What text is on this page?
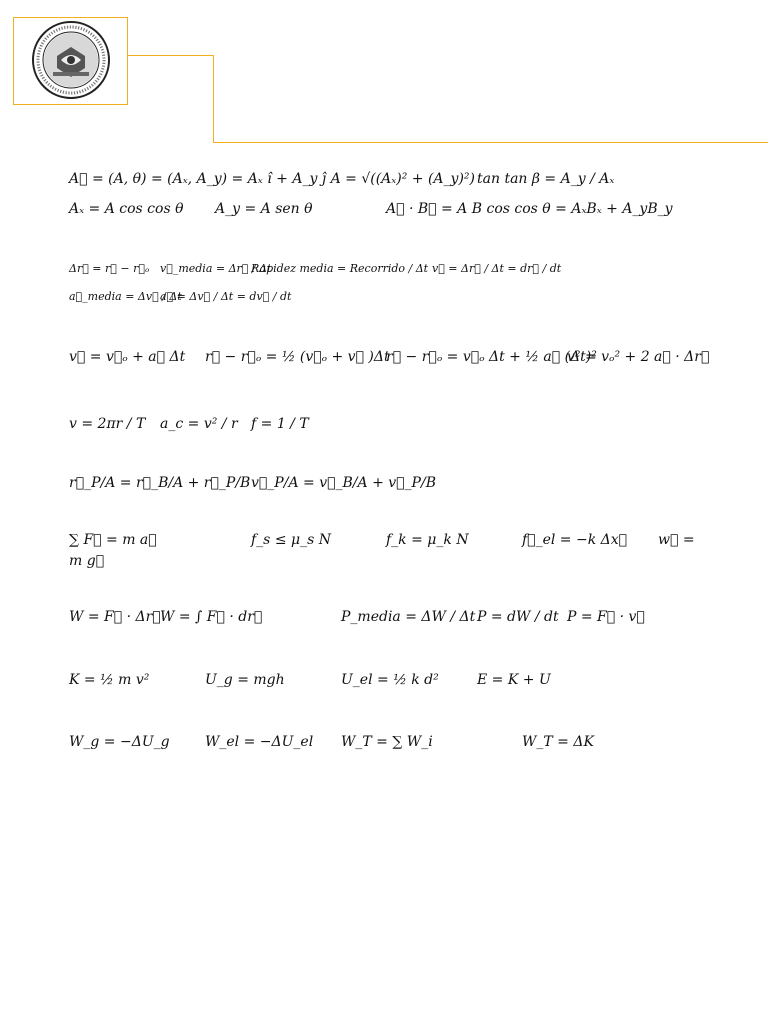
A⃗ = (A, θ) = (Aₓ, A_y) = Aₓ î + A_y ĵ A = √((Aₓ)² + (A_y)²) tan tan β = A_y / Aₓ
Aₓ = A cos cos θ A_y = A sen θ	A⃗ · B⃗ = A B cos cos θ = AₓBₓ + A_yB_y
Δr⃗ = r⃗ − r⃗ₒ v⃗_media = Δr⃗ / Δt
Rapidez media = Recorrido / Δt v⃗ = Δr⃗ / Δt = dr⃗ / dt
a⃗_media = Δv⃗ / Δt
a⃗ = Δv⃗ / Δt = dv⃗ / dt
v⃗ = v⃗ₒ + a⃗ Δt r⃗ − r⃗ₒ = ½ (v⃗ₒ + v⃗ )Δt
r⃗ − r⃗ₒ = v⃗ₒ Δt + ½ a⃗ (Δt)²
v² = vₒ² + 2 a⃗ · Δr⃗
v = 2πr / T a_c = v² / r f = 1 / T
r⃗_P/A = r⃗_B/A + r⃗_P/B v⃗_P/A = v⃗_B/A + v⃗_P/B
∑ F⃗ = m a⃗	f_s ≤ μ_s N	f_k = μ_k N	f⃗_el = −k Δx⃗ w⃗ =
m g⃗
W = F⃗ · Δr⃗ W = ∫ F⃗ · dr⃗	P_media = ΔW / Δt P = dW / dt P = F⃗ · v⃗
K = ½ m v²	U_g = mgh	U_el = ½ k d²	E = K + U
W_g = −ΔU_g	W_el = −ΔU_el W_T = ∑ W_i	W_T = ΔK
